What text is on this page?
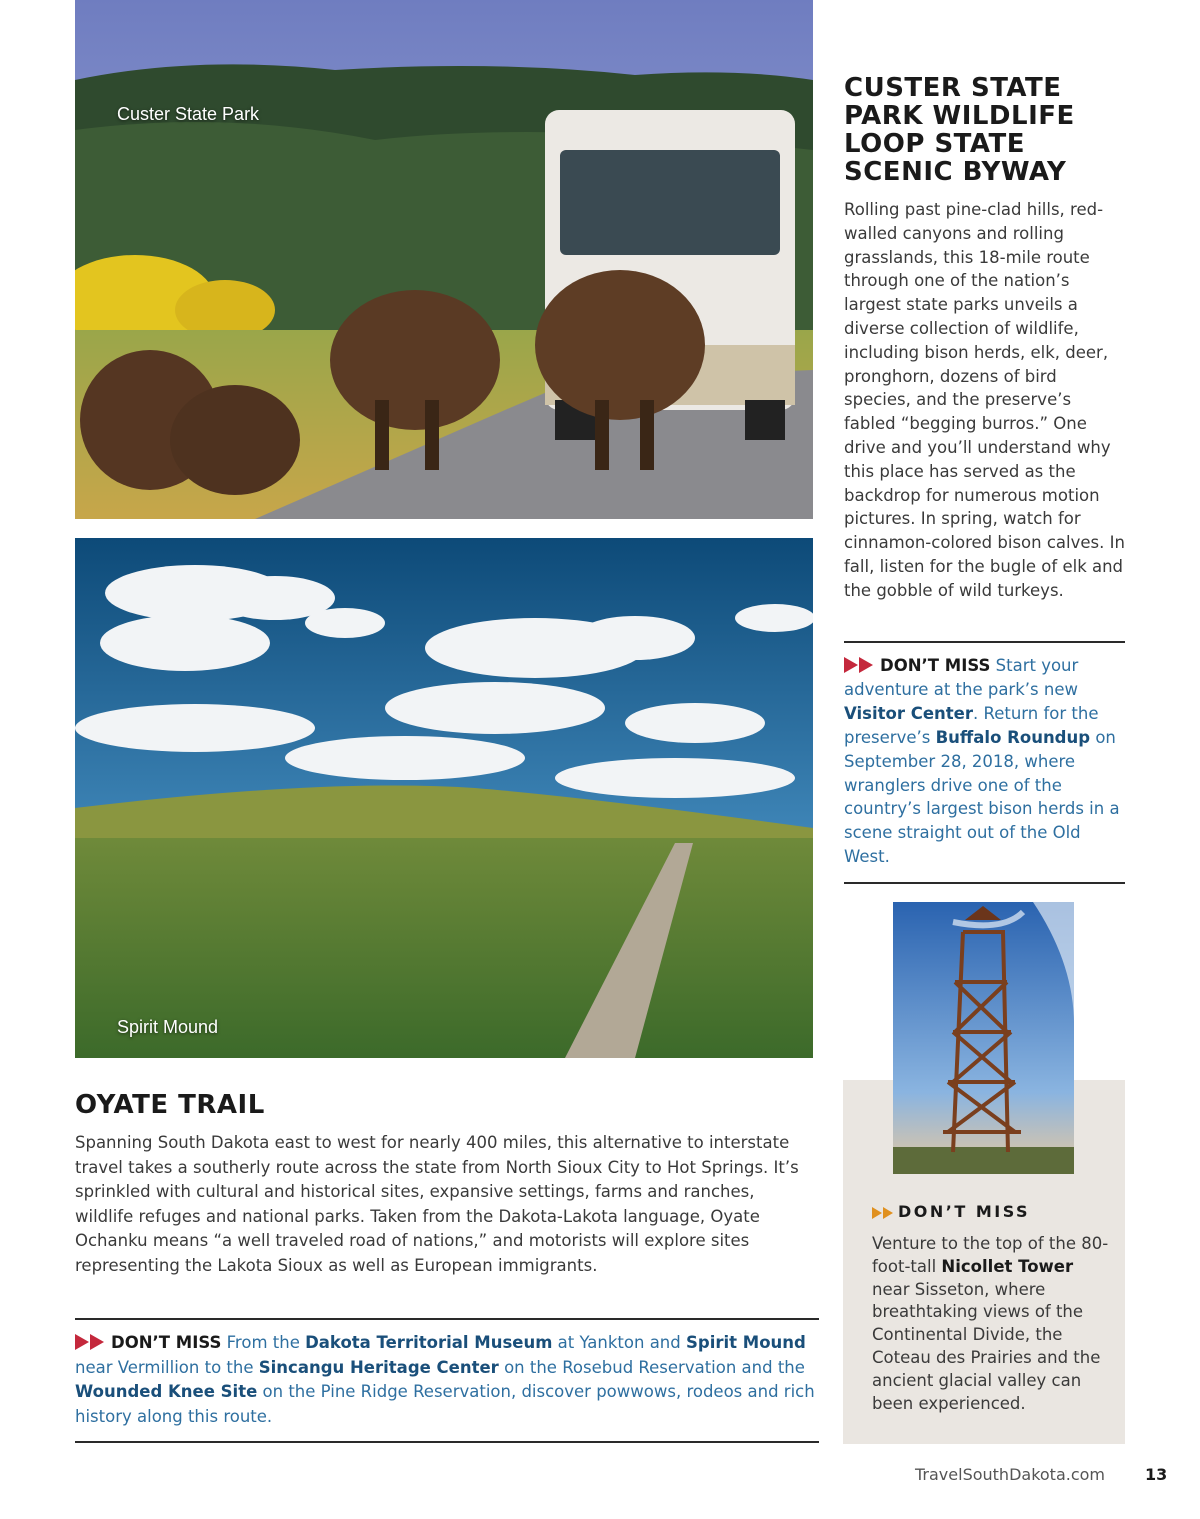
Custer State Park
Spirit Mound
CUSTER STATE PARK WILDLIFE LOOP STATE SCENIC BYWAY

Rolling past pine-clad hills, red-walled canyons and rolling grasslands, this 18-mile route through one of the nation’s largest state parks unveils a diverse collection of wildlife, including bison herds, elk, deer, pronghorn, dozens of bird species, and the preserve’s fabled “begging burros.” One drive and you’ll understand why this place has served as the backdrop for numerous motion pictures. In spring, watch for cinnamon-colored bison calves. In fall, listen for the bugle of elk and the gobble of wild turkeys.

DON’T MISS Start your adventure at the park’s new Visitor Center. Return for the preserve’s Buffalo Roundup on September 28, 2018, where wranglers drive one of the country’s largest bison herds in a scene straight out of the Old West.
DON’T MISS
Venture to the top of the 80-foot-tall Nicollet Tower near Sisseton, where breathtaking views of the Continental Divide, the Coteau des Prairies and the ancient glacial valley can been experienced.
OYATE TRAIL

Spanning South Dakota east to west for nearly 400 miles, this alternative to interstate travel takes a southerly route across the state from North Sioux City to Hot Springs. It’s sprinkled with cultural and historical sites, expansive settings, farms and ranches, wildlife refuges and national parks. Taken from the Dakota-Lakota language, Oyate Ochanku means “a well traveled road of nations,” and motorists will explore sites representing the Lakota Sioux as well as European immigrants.

DON’T MISS From the Dakota Territorial Museum at Yankton and Spirit Mound near Vermillion to the Sincangu Heritage Center on the Rosebud Reservation and the Wounded Knee Site on the Pine Ridge Reservation, discover powwows, rodeos and rich history along this route.
TravelSouthDakota.com 13
